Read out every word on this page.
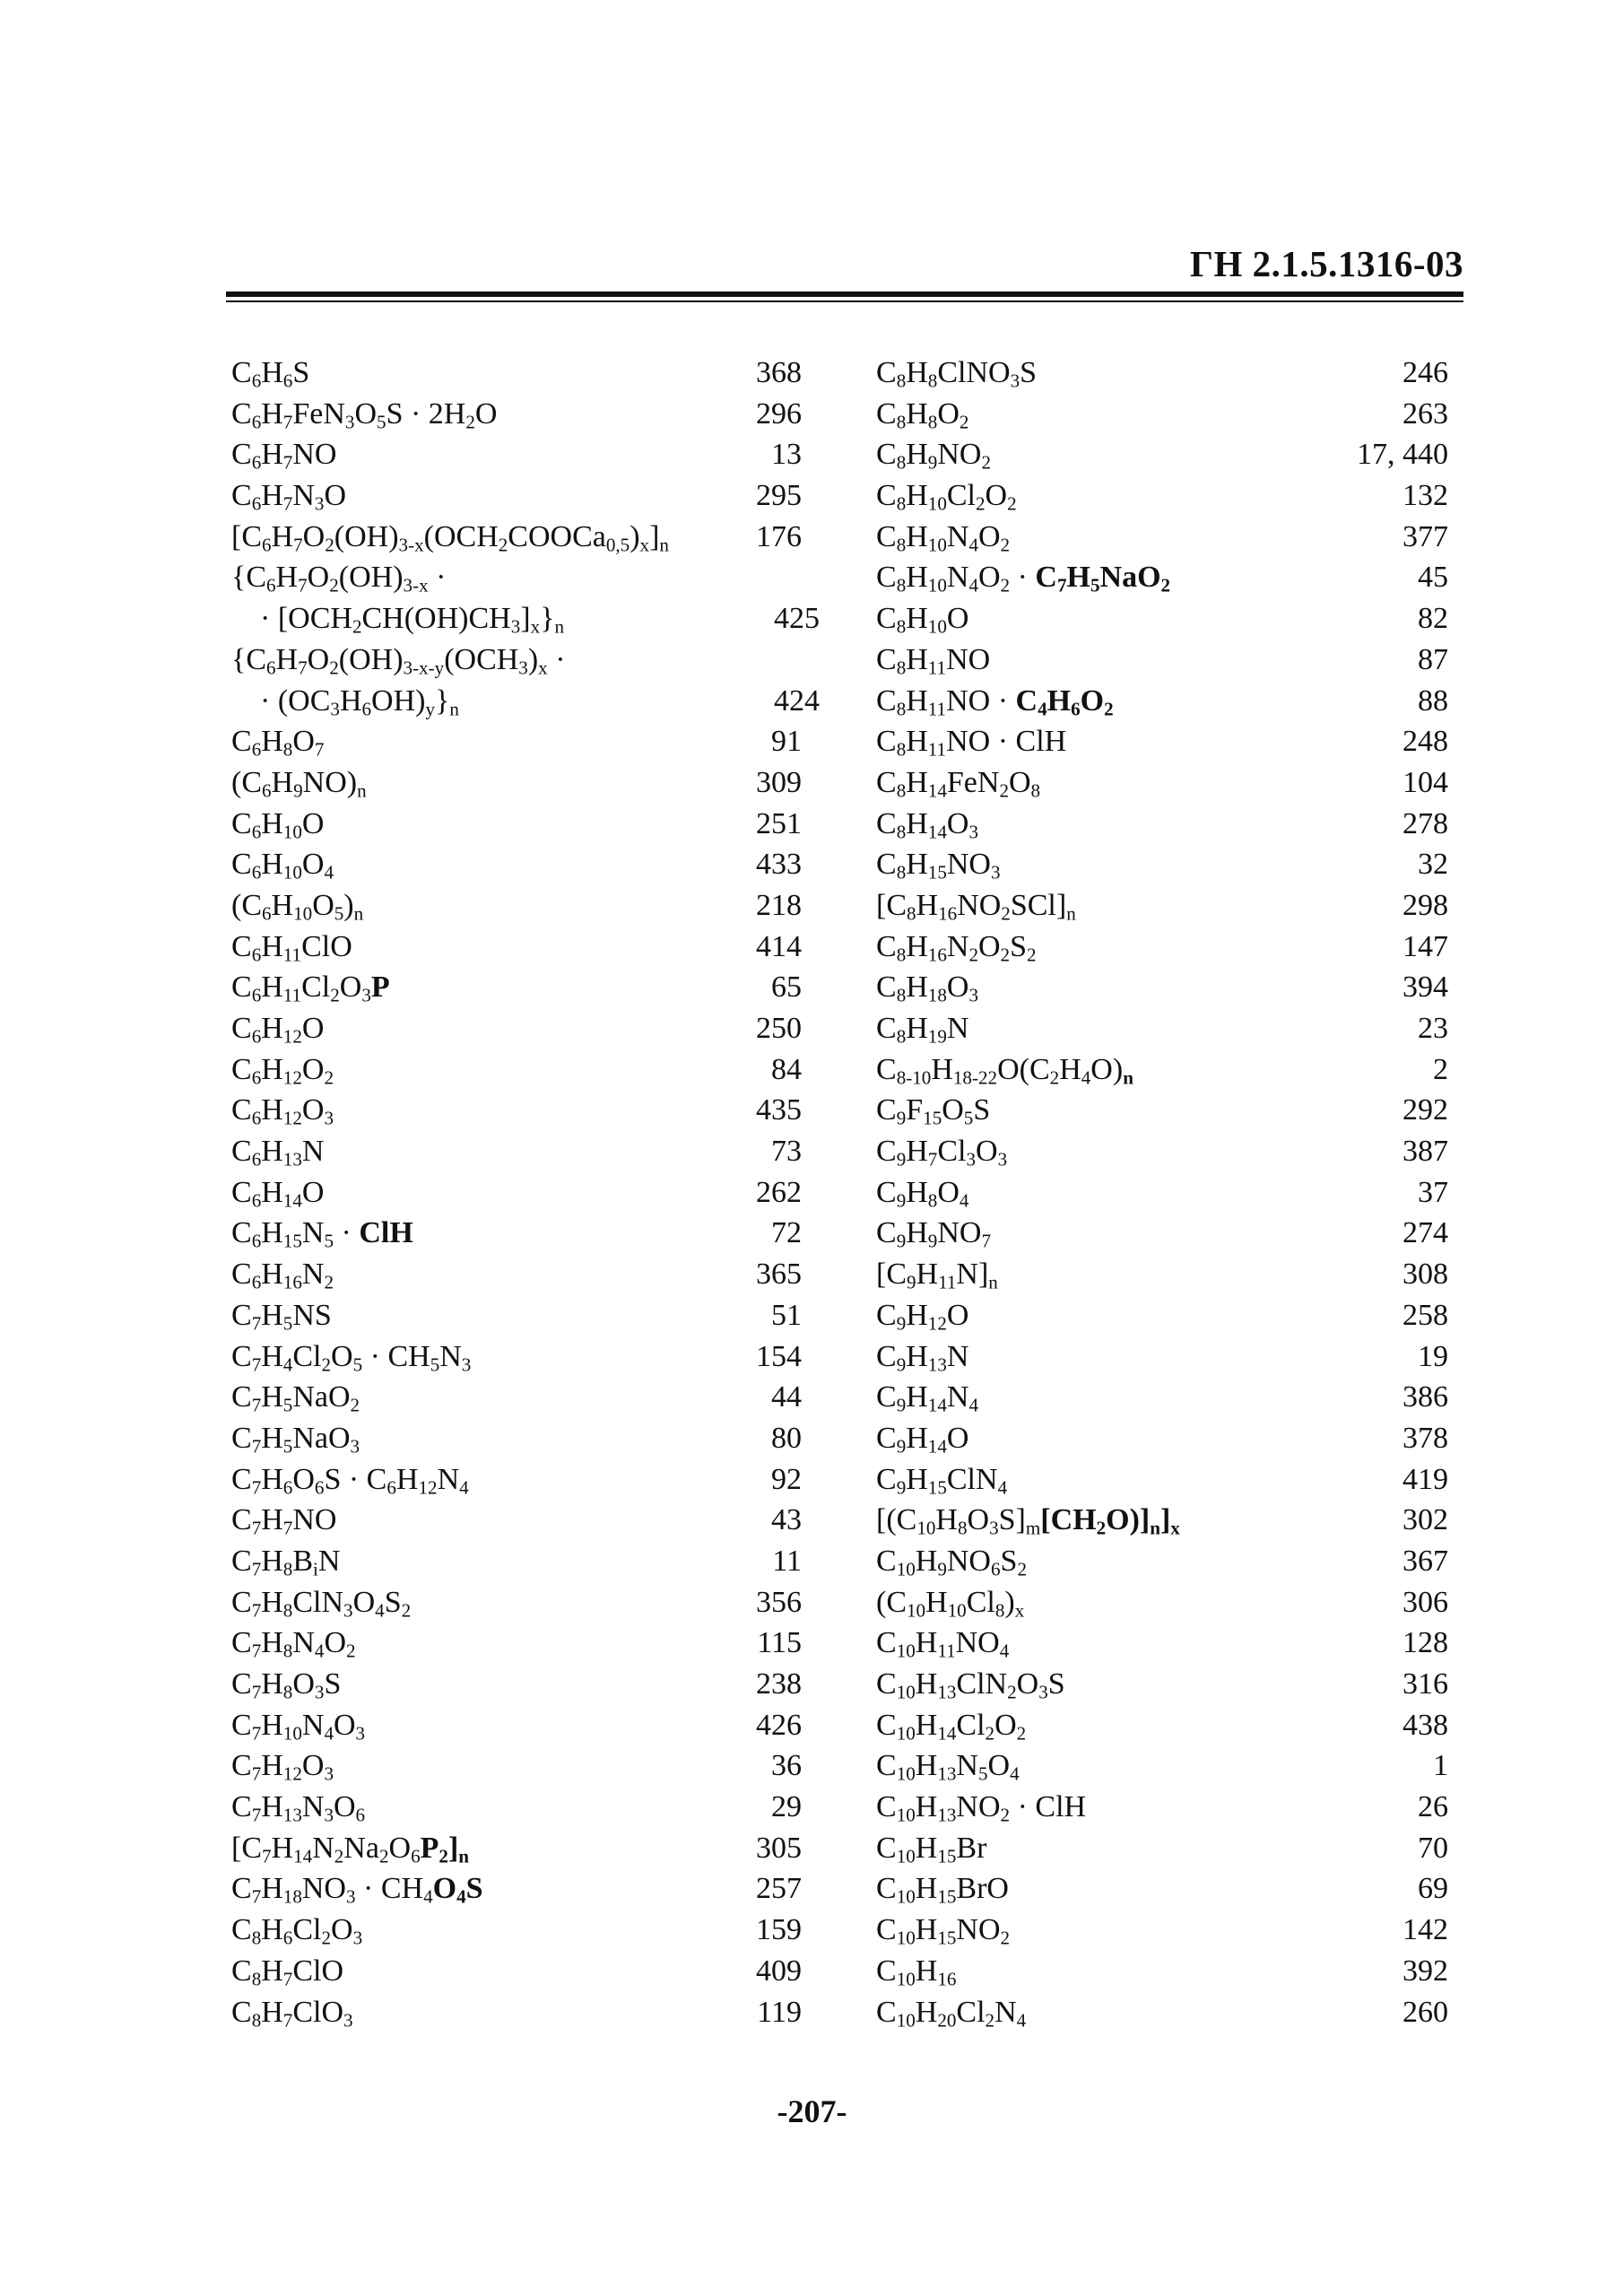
ГН 2.1.5.1316-03
$C_6H_6S$	368
$C_6H_7FeN_3O_5S \cdot 2H_2O$	296
$C_6H_7NO$	13
$C_6H_7N_3O$	295
$[C_6H_7O_2(OH)_{3-x}(OCH_2COOCa_{0,5})_x]_n$	176
{$C_6H_7O_2(OH)_{3-x}$ ·
· $[OCH_2CH(OH)CH_3]_x\}_n$	425
{$C_6H_7O_2(OH)_{3-x-y}(OCH_3)_x$ ·
· $(OC_3H_6OH)_y\}_n$	424
$C_6H_8O_7$	91
$(C_6H_9NO)_n$	309
$C_6H_{10}O$	251
$C_6H_{10}O_4$	433
$(C_6H_{10}O_5)_n$	218
$C_6H_{11}ClO$	414
$C_6H_{11}Cl_2O_3P$	65
$C_6H_{12}O$	250
$C_6H_{12}O_2$	84
$C_6H_{12}O_3$	435
$C_6H_{13}N$	73
$C_6H_{14}O$	262
$C_6H_{15}N_5$ · ClH	72
$C_6H_{16}N_2$	365
$C_7H_5NS$	51
$C_7H_4Cl_2O_5 \cdot CH_5N_3$	154
$C_7H_5NaO_2$	44
$C_7H_5NaO_3$	80
$C_7H_6O_6S \cdot C_6H_{12}N_4$	92
$C_7H_7NO$	43
$C_7H_8B_iN$	11
$C_7H_8ClN_3O_4S_2$	356
$C_7H_8N_4O_2$	115
$C_7H_8O_3S$	238
$C_7H_{10}N_4O_3$	426
$C_7H_{12}O_3$	36
$C_7H_{13}N_3O_6$	29
$[C_7H_{14}N_2Na_2O_6P_2]_n$	305
$C_7H_{18}NO_3 \cdot CH_4O_4S$	257
$C_8H_6Cl_2O_3$	159
$C_8H_7ClO$	409
$C_8H_7ClO_3$	119
$C_8H_8ClNO_3S$	246
$C_8H_8O_2$	263
$C_8H_9NO_2$	17, 440
$C_8H_{10}Cl_2O_2$	132
$C_8H_{10}N_4O_2$	377
$C_8H_{10}N_4O_2 \cdot C_7H_5NaO_2$	45
$C_8H_{10}O$	82
$C_8H_{11}NO$	87
$C_8H_{11}NO \cdot C_4H_6O_2$	88
$C_8H_{11}NO$ · ClH	248
$C_8H_{14}FeN_2O_8$	104
$C_8H_{14}O_3$	278
$C_8H_{15}NO_3$	32
$[C_8H_{16}NO_2SCl]_n$	298
$C_8H_{16}N_2O_2S_2$	147
$C_8H_{18}O_3$	394
$C_8H_{19}N$	23
$C_{8-10}H_{18-22}O(C_2H_4O)_n$	2
$C_9F_{15}O_5S$	292
$C_9H_7Cl_3O_3$	387
$C_9H_8O_4$	37
$C_9H_9NO_7$	274
$[C_9H_{11}N]_n$	308
$C_9H_{12}O$	258
$C_9H_{13}N$	19
$C_9H_{14}N_4$	386
$C_9H_{14}O$	378
$C_9H_{15}ClN_4$	419
$[(C_{10}H_8O_3S]_m[CH_2O)]_n]_x$	302
$C_{10}H_9NO_6S_2$	367
$(C_{10}H_{10}Cl_8)_x$	306
$C_{10}H_{11}NO_4$	128
$C_{10}H_{13}ClN_2O_3S$	316
$C_{10}H_{14}Cl_2O_2$	438
$C_{10}H_{13}N_5O_4$	1
$C_{10}H_{13}NO_2$ · ClH	26
$C_{10}H_{15}Br$	70
$C_{10}H_{15}BrO$	69
$C_{10}H_{15}NO_2$	142
$C_{10}H_{16}$	392
$C_{10}H_{20}Cl_2N_4$	260
-207-
